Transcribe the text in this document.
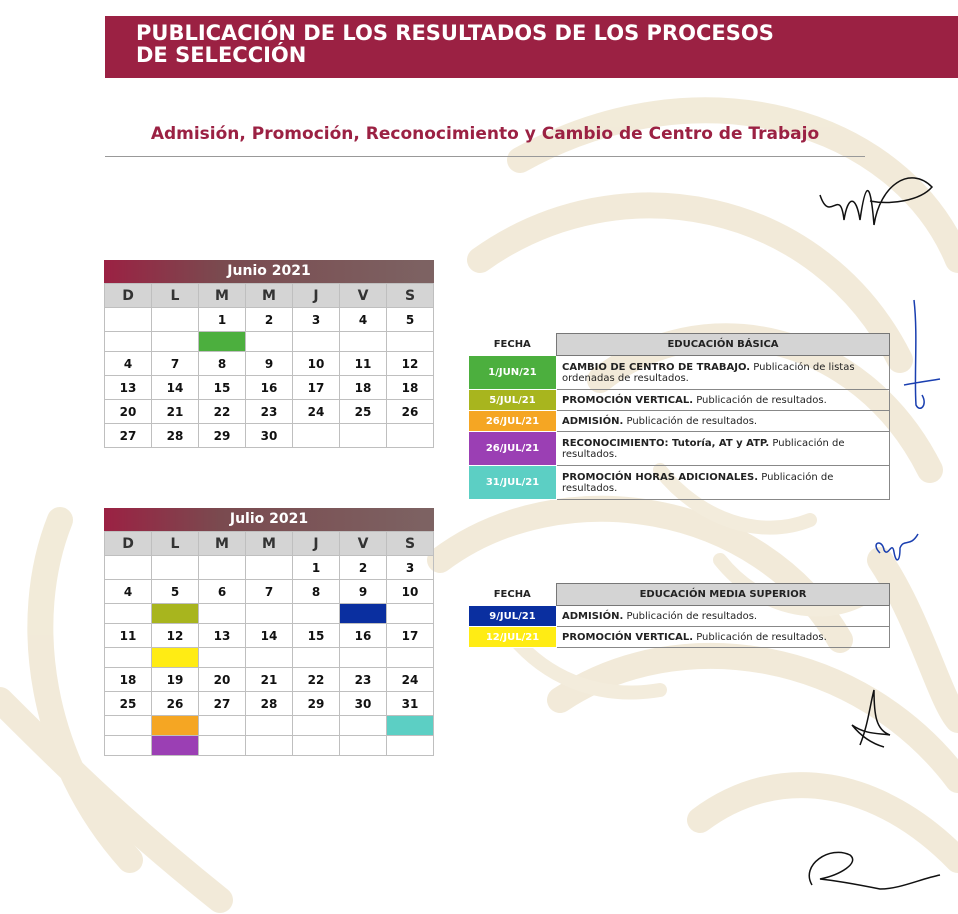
PUBLICACIÓN DE LOS RESULTADOS DE LOS PROCESOS
DE SELECCIÓN
Admisión, Promoción, Reconocimiento y Cambio de Centro de Trabajo
Junio 2021
D	L	M	M	J	V	S
		1	2	3	4	5

4	7	8	9	10	11	12
13	14	15	16	17	18	18
20	21	22	23	24	25	26
27	28	29	30			
Julio 2021
D	L	M	M	J	V	S
				1	2	3
4	5	6	7	8	9	10

11	12	13	14	15	16	17

18	19	20	21	22	23	24
25	26	27	28	29	30	31

FECHA	EDUCACIÓN BÁSICA
1/JUN/21	CAMBIO DE CENTRO DE TRABAJO. Publicación de listas ordenadas de resultados.
5/JUL/21	PROMOCIÓN VERTICAL. Publicación de resultados.
26/JUL/21	ADMISIÓN. Publicación de resultados.
26/JUL/21	RECONOCIMIENTO: Tutoría, AT y ATP. Publicación de resultados.
31/JUL/21	PROMOCIÓN HORAS ADICIONALES. Publicación de resultados.
FECHA	EDUCACIÓN MEDIA SUPERIOR
9/JUL/21	ADMISIÓN. Publicación de resultados.
12/JUL/21	PROMOCIÓN VERTICAL. Publicación de resultados.
